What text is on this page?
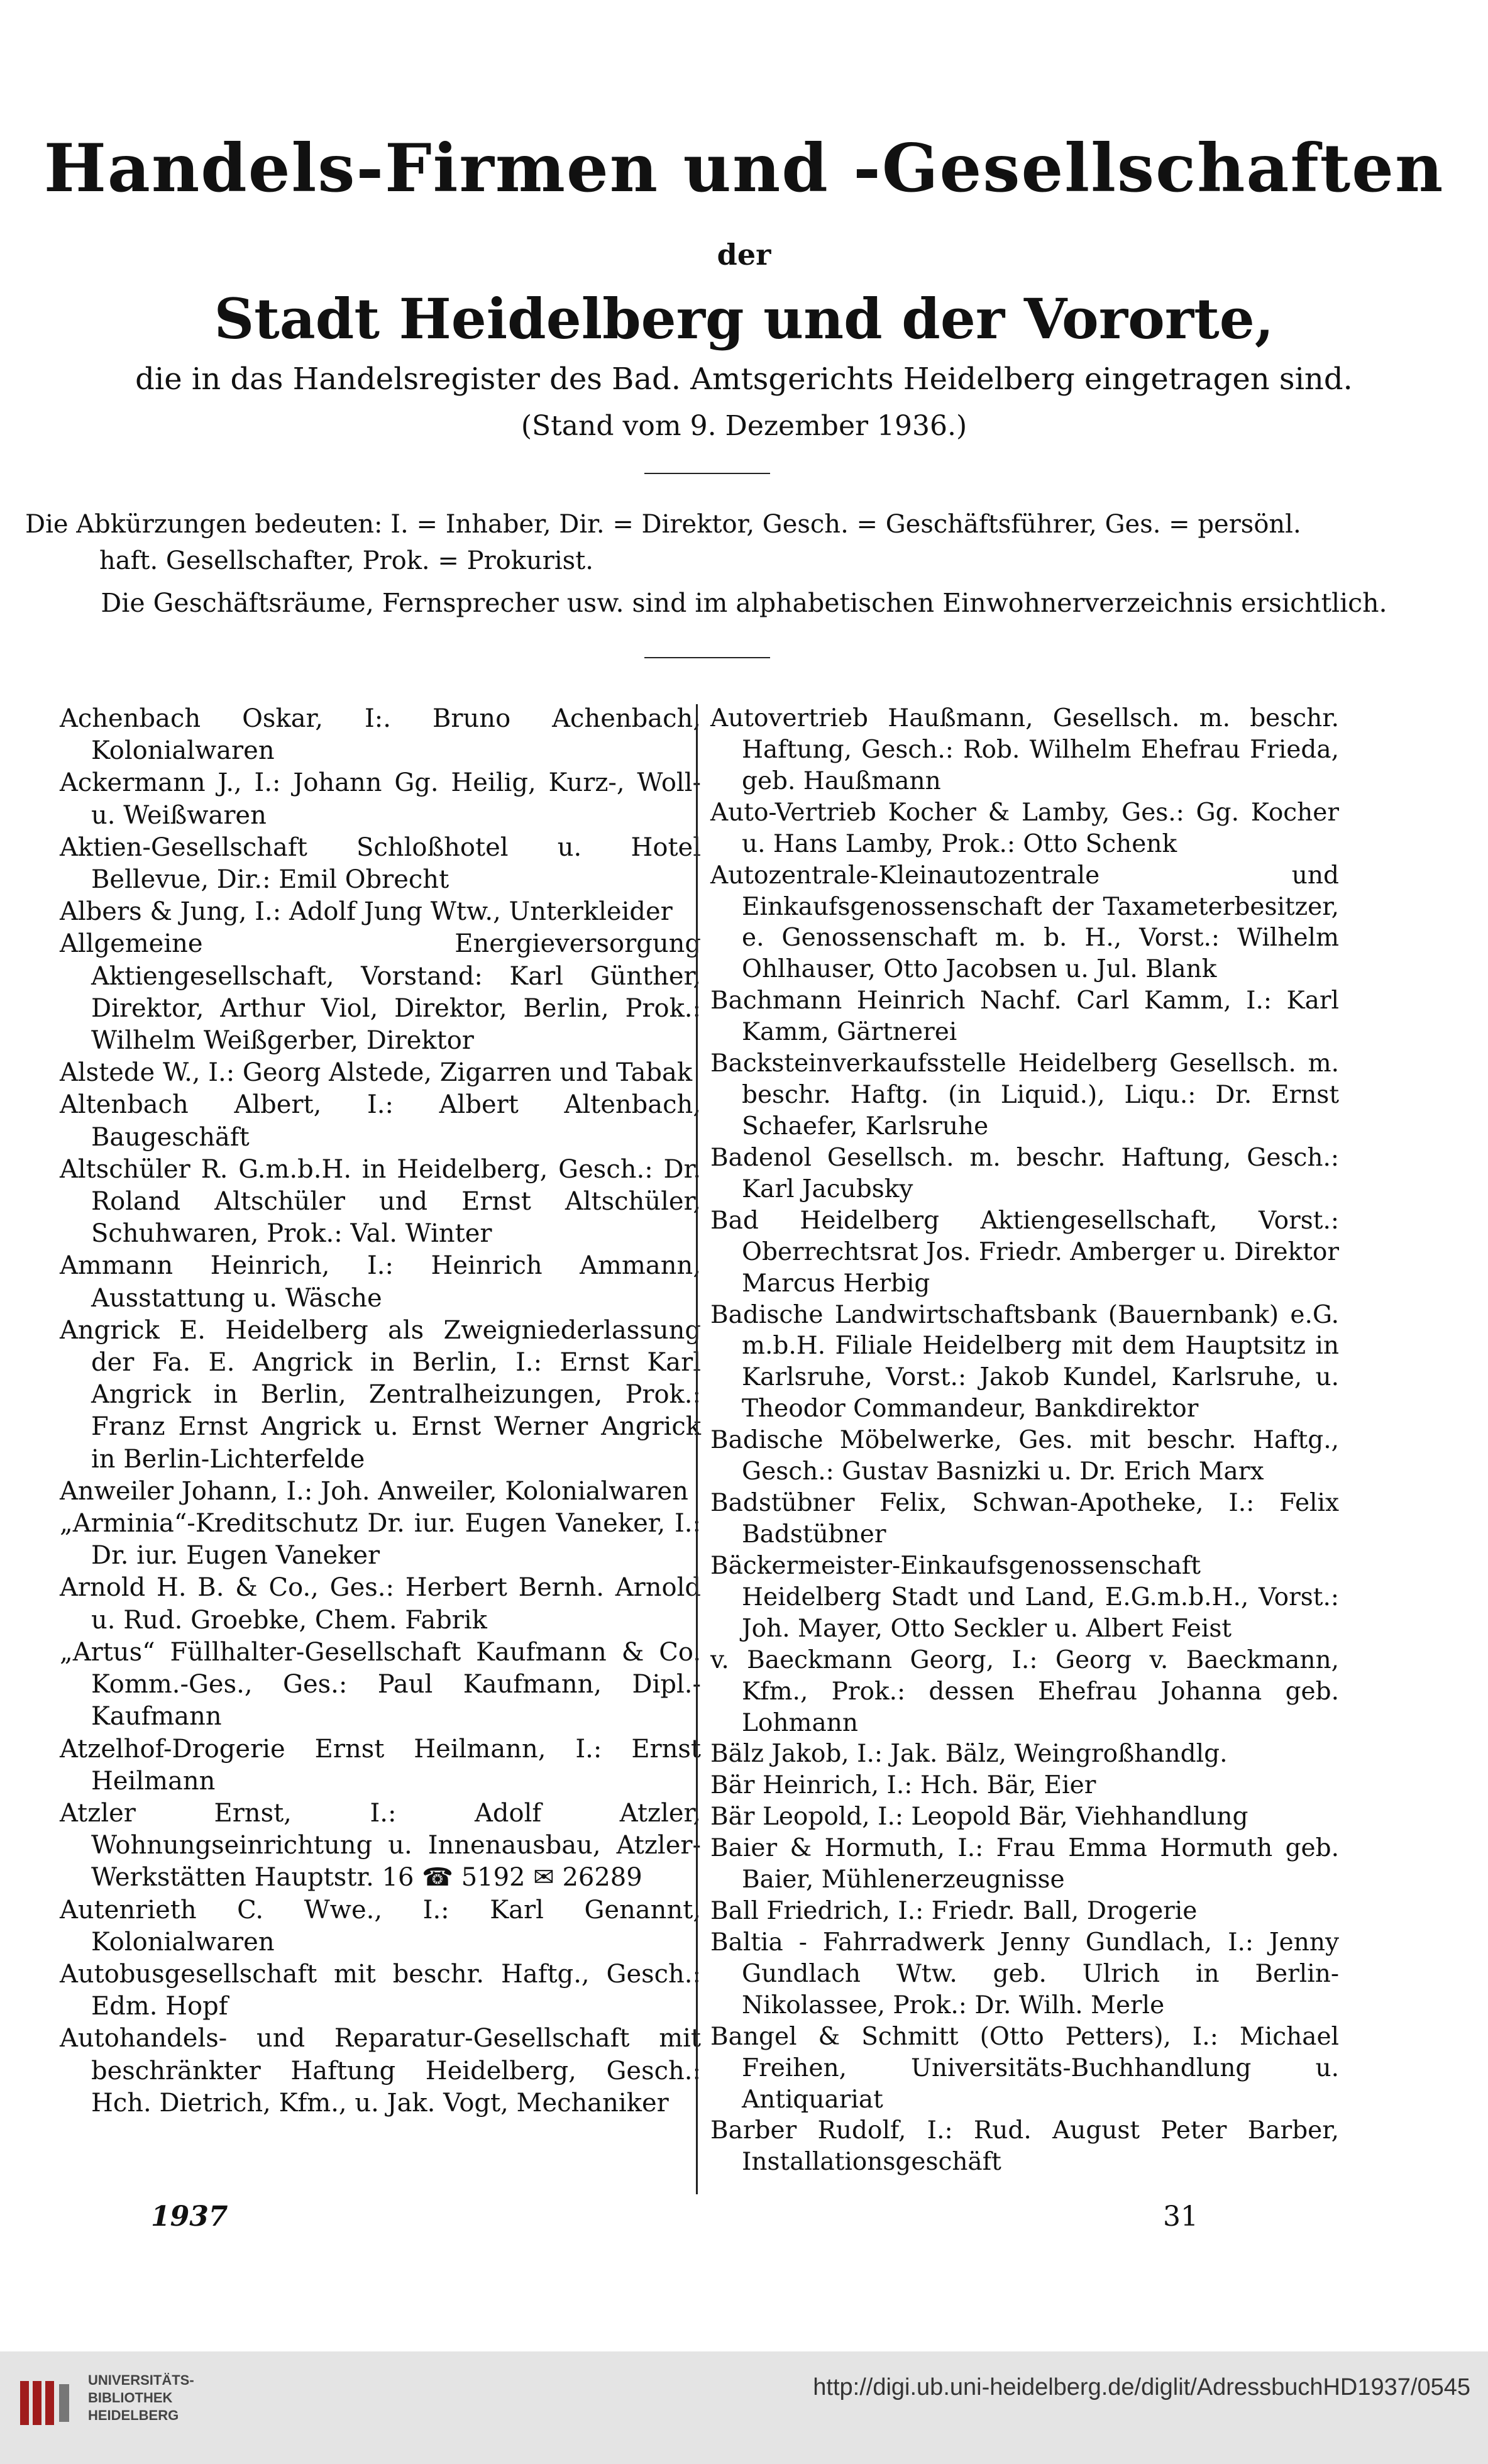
Handels-Firmen und -Gesellschaften
der
Stadt Heidelberg und der Vororte,
die in das Handelsregister des Bad. Amtsgerichts Heidelberg eingetragen sind.
(Stand vom 9. Dezember 1936.)
Die Abkürzungen bedeuten: I. = Inhaber, Dir. = Direktor, Gesch. = Geschäftsführer, Ges. = persönl.
haft. Gesellschafter, Prok. = Prokurist.
Die Geschäftsräume, Fernsprecher usw. sind im alphabetischen Einwohnerverzeichnis ersichtlich.
Achenbach Oskar, I:. Bruno Achenbach, Kolonialwaren
Ackermann J., I.: Johann Gg. Heilig, Kurz-, Woll- u. Weißwaren
Aktien-Gesellschaft Schloßhotel u. Hotel Bellevue, Dir.: Emil Obrecht
Albers & Jung, I.: Adolf Jung Wtw., Unterkleider
Allgemeine Energieversorgung Aktiengesellschaft, Vorstand: Karl Günther, Direktor, Arthur Viol, Direktor, Berlin, Prok.: Wilhelm Weißgerber, Direktor
Alstede W., I.: Georg Alstede, Zigarren und Tabak
Altenbach Albert, I.: Albert Altenbach, Baugeschäft
Altschüler R. G.m.b.H. in Heidelberg, Gesch.: Dr. Roland Altschüler und Ernst Altschüler, Schuhwaren, Prok.: Val. Winter
Ammann Heinrich, I.: Heinrich Ammann, Ausstattung u. Wäsche
Angrick E. Heidelberg als Zweigniederlassung der Fa. E. Angrick in Berlin, I.: Ernst Karl Angrick in Berlin, Zentralheizungen, Prok.: Franz Ernst Angrick u. Ernst Werner Angrick in Berlin-Lichterfelde
Anweiler Johann, I.: Joh. Anweiler, Kolonialwaren
„Arminia“-Kreditschutz Dr. iur. Eugen Vaneker, I.: Dr. iur. Eugen Vaneker
Arnold H. B. & Co., Ges.: Herbert Bernh. Arnold u. Rud. Groebke, Chem. Fabrik
„Artus“ Füllhalter-Gesellschaft Kaufmann & Co. Komm.-Ges., Ges.: Paul Kaufmann, Dipl.-Kaufmann
Atzelhof-Drogerie Ernst Heilmann, I.: Ernst Heilmann
Atzler Ernst, I.: Adolf Atzler, Wohnungseinrichtung u. Innenausbau, Atzler-Werkstätten Hauptstr. 16 ☎ 5192 ✉ 26289
Autenrieth C. Wwe., I.: Karl Genannt, Kolonialwaren
Autobusgesellschaft mit beschr. Haftg., Gesch.: Edm. Hopf
Autohandels- und Reparatur-Gesellschaft mit beschränkter Haftung Heidelberg, Gesch.: Hch. Dietrich, Kfm., u. Jak. Vogt, Mechaniker
Autovertrieb Haußmann, Gesellsch. m. beschr. Haftung, Gesch.: Rob. Wilhelm Ehefrau Frieda, geb. Haußmann
Auto-Vertrieb Kocher & Lamby, Ges.: Gg. Kocher u. Hans Lamby, Prok.: Otto Schenk
Autozentrale-Kleinautozentrale und Einkaufsgenossenschaft der Taxameterbesitzer, e. Genossenschaft m. b. H., Vorst.: Wilhelm Ohlhauser, Otto Jacobsen u. Jul. Blank
Bachmann Heinrich Nachf. Carl Kamm, I.: Karl Kamm, Gärtnerei
Backsteinverkaufsstelle Heidelberg Gesellsch. m. beschr. Haftg. (in Liquid.), Liqu.: Dr. Ernst Schaefer, Karlsruhe
Badenol Gesellsch. m. beschr. Haftung, Gesch.: Karl Jacubsky
Bad Heidelberg Aktiengesellschaft, Vorst.: Oberrechtsrat Jos. Friedr. Amberger u. Direktor Marcus Herbig
Badische Landwirtschaftsbank (Bauernbank) e.G. m.b.H. Filiale Heidelberg mit dem Hauptsitz in Karlsruhe, Vorst.: Jakob Kundel, Karlsruhe, u. Theodor Commandeur, Bankdirektor
Badische Möbelwerke, Ges. mit beschr. Haftg., Gesch.: Gustav Basnizki u. Dr. Erich Marx
Badstübner Felix, Schwan-Apotheke, I.: Felix Badstübner
Bäckermeister-Einkaufsgenossenschaft Heidelberg Stadt und Land, E.G.m.b.H., Vorst.: Joh. Mayer, Otto Seckler u. Albert Feist
v. Baeckmann Georg, I.: Georg v. Baeckmann, Kfm., Prok.: dessen Ehefrau Johanna geb. Lohmann
Bälz Jakob, I.: Jak. Bälz, Weingroßhandlg.
Bär Heinrich, I.: Hch. Bär, Eier
Bär Leopold, I.: Leopold Bär, Viehhandlung
Baier & Hormuth, I.: Frau Emma Hormuth geb. Baier, Mühlenerzeugnisse
Ball Friedrich, I.: Friedr. Ball, Drogerie
Baltia - Fahrradwerk Jenny Gundlach, I.: Jenny Gundlach Wtw. geb. Ulrich in Berlin-Nikolassee, Prok.: Dr. Wilh. Merle
Bangel & Schmitt (Otto Petters), I.: Michael Freihen, Universitäts-Buchhandlung u. Antiquariat
Barber Rudolf, I.: Rud. August Peter Barber, Installationsgeschäft
1937	31
UNIVERSITÄTS-
BIBLIOTHEK
HEIDELBERG
http://digi.ub.uni-heidelberg.de/diglit/AdressbuchHD1937/0545
